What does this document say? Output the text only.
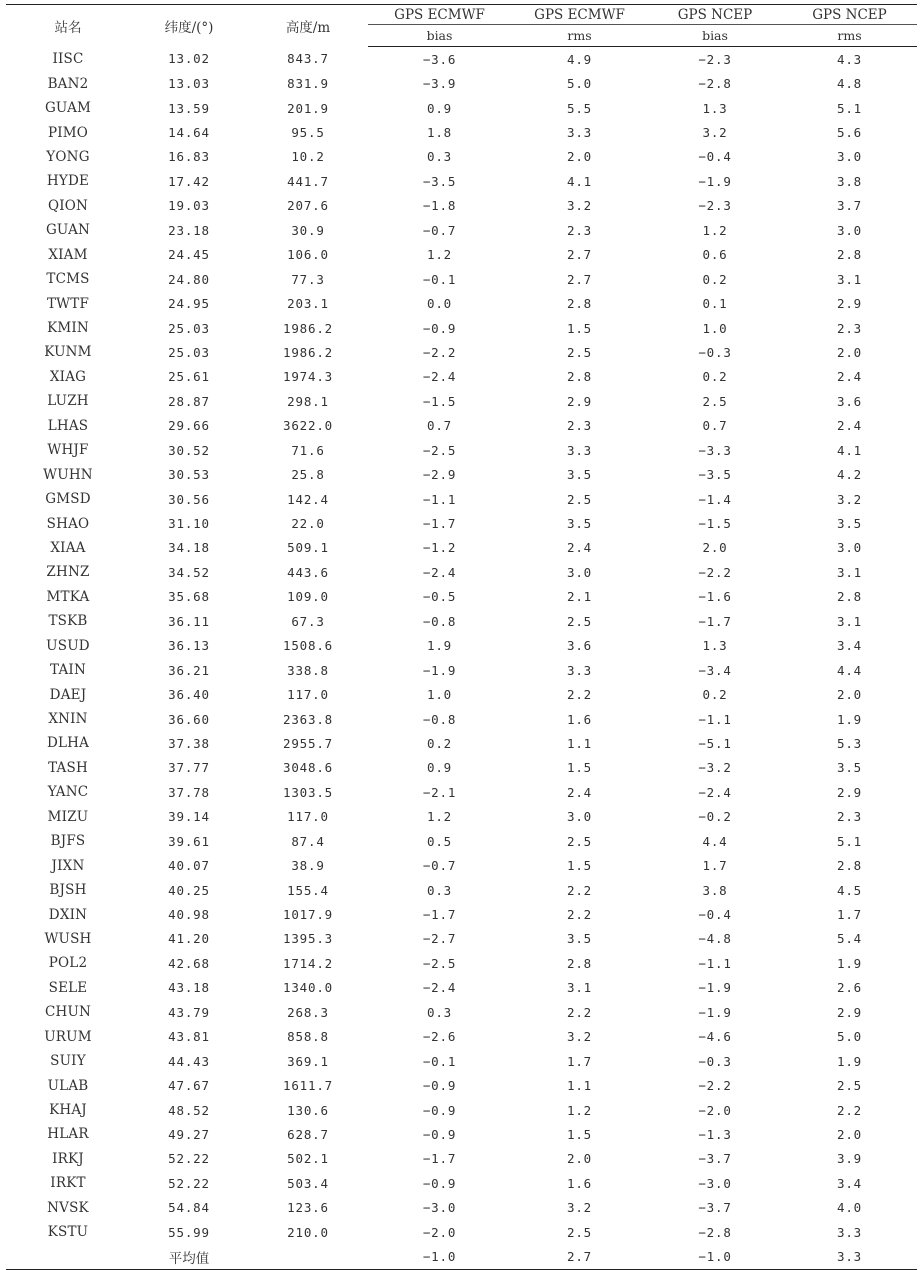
站名	纬度/(°)	高度/m	GPS ECMWF	GPS ECMWF	GPS NCEP	GPS NCEP
			bias	rms	bias	rms
IISC	13.02	843.7	−3.6	4.9	−2.3	4.3
BAN2	13.03	831.9	−3.9	5.0	−2.8	4.8
GUAM	13.59	201.9	0.9	5.5	1.3	5.1
PIMO	14.64	95.5	1.8	3.3	3.2	5.6
YONG	16.83	10.2	0.3	2.0	−0.4	3.0
HYDE	17.42	441.7	−3.5	4.1	−1.9	3.8
QION	19.03	207.6	−1.8	3.2	−2.3	3.7
GUAN	23.18	30.9	−0.7	2.3	1.2	3.0
XIAM	24.45	106.0	1.2	2.7	0.6	2.8
TCMS	24.80	77.3	−0.1	2.7	0.2	3.1
TWTF	24.95	203.1	0.0	2.8	0.1	2.9
KMIN	25.03	1986.2	−0.9	1.5	1.0	2.3
KUNM	25.03	1986.2	−2.2	2.5	−0.3	2.0
XIAG	25.61	1974.3	−2.4	2.8	0.2	2.4
LUZH	28.87	298.1	−1.5	2.9	2.5	3.6
LHAS	29.66	3622.0	0.7	2.3	0.7	2.4
WHJF	30.52	71.6	−2.5	3.3	−3.3	4.1
WUHN	30.53	25.8	−2.9	3.5	−3.5	4.2
GMSD	30.56	142.4	−1.1	2.5	−1.4	3.2
SHAO	31.10	22.0	−1.7	3.5	−1.5	3.5
XIAA	34.18	509.1	−1.2	2.4	2.0	3.0
ZHNZ	34.52	443.6	−2.4	3.0	−2.2	3.1
MTKA	35.68	109.0	−0.5	2.1	−1.6	2.8
TSKB	36.11	67.3	−0.8	2.5	−1.7	3.1
USUD	36.13	1508.6	1.9	3.6	1.3	3.4
TAIN	36.21	338.8	−1.9	3.3	−3.4	4.4
DAEJ	36.40	117.0	1.0	2.2	0.2	2.0
XNIN	36.60	2363.8	−0.8	1.6	−1.1	1.9
DLHA	37.38	2955.7	0.2	1.1	−5.1	5.3
TASH	37.77	3048.6	0.9	1.5	−3.2	3.5
YANC	37.78	1303.5	−2.1	2.4	−2.4	2.9
MIZU	39.14	117.0	1.2	3.0	−0.2	2.3
BJFS	39.61	87.4	0.5	2.5	4.4	5.1
JIXN	40.07	38.9	−0.7	1.5	1.7	2.8
BJSH	40.25	155.4	0.3	2.2	3.8	4.5
DXIN	40.98	1017.9	−1.7	2.2	−0.4	1.7
WUSH	41.20	1395.3	−2.7	3.5	−4.8	5.4
POL2	42.68	1714.2	−2.5	2.8	−1.1	1.9
SELE	43.18	1340.0	−2.4	3.1	−1.9	2.6
CHUN	43.79	268.3	0.3	2.2	−1.9	2.9
URUM	43.81	858.8	−2.6	3.2	−4.6	5.0
SUIY	44.43	369.1	−0.1	1.7	−0.3	1.9
ULAB	47.67	1611.7	−0.9	1.1	−2.2	2.5
KHAJ	48.52	130.6	−0.9	1.2	−2.0	2.2
HLAR	49.27	628.7	−0.9	1.5	−1.3	2.0
IRKJ	52.22	502.1	−1.7	2.0	−3.7	3.9
IRKT	52.22	503.4	−0.9	1.6	−3.0	3.4
NVSK	54.84	123.6	−3.0	3.2	−3.7	4.0
KSTU	55.99	210.0	−2.0	2.5	−2.8	3.3
	平均值		−1.0	2.7	−1.0	3.3
